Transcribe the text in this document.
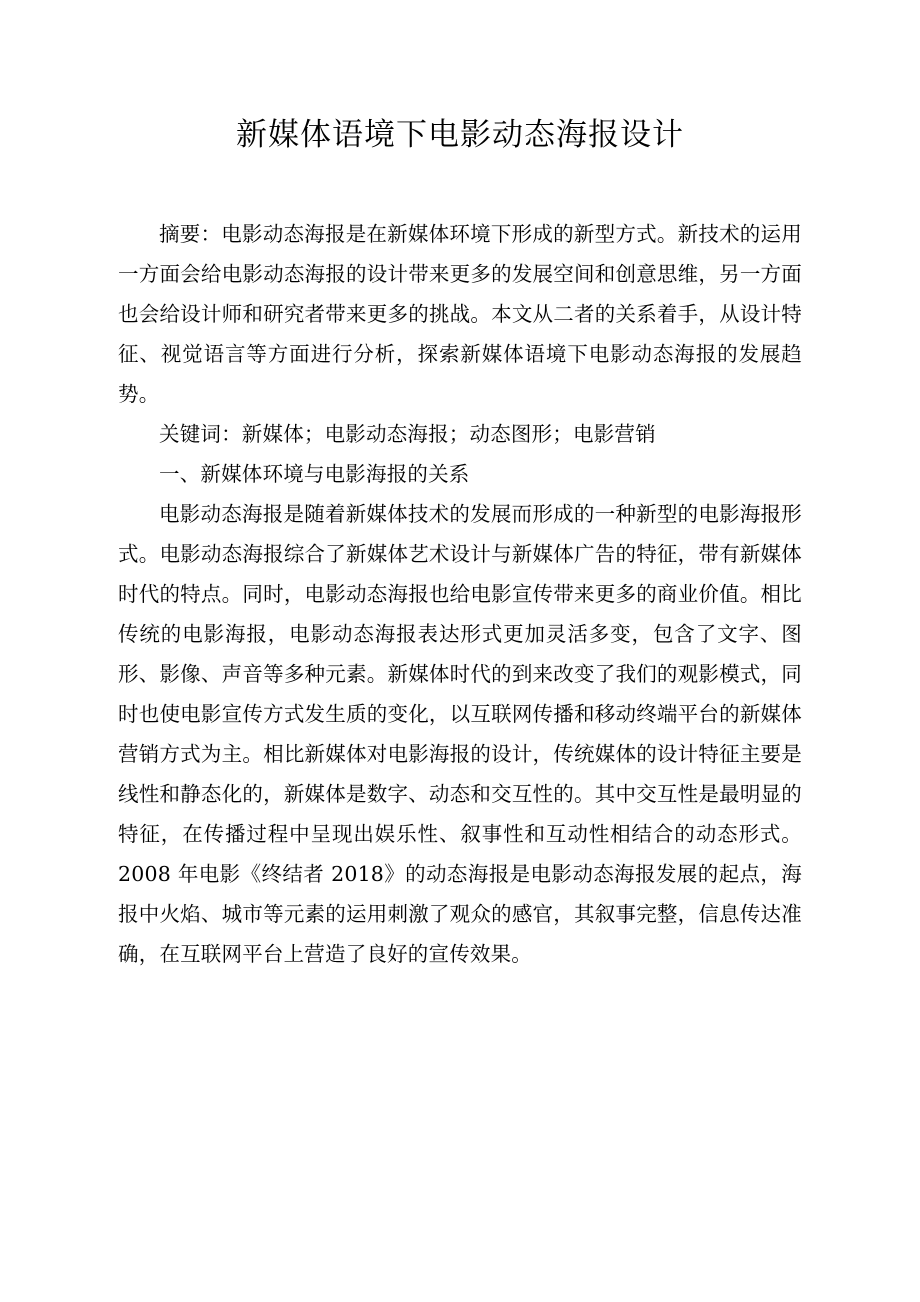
新媒体语境下电影动态海报设计

摘要：电影动态海报是在新媒体环境下形成的新型方式。新技术的运用一方面会给电影动态海报的设计带来更多的发展空间和创意思维，另一方面也会给设计师和研究者带来更多的挑战。本文从二者的关系着手，从设计特征、视觉语言等方面进行分析，探索新媒体语境下电影动态海报的发展趋势。

关键词：新媒体；电影动态海报；动态图形；电影营销

一、新媒体环境与电影海报的关系

电影动态海报是随着新媒体技术的发展而形成的一种新型的电影海报形式。电影动态海报综合了新媒体艺术设计与新媒体广告的特征，带有新媒体时代的特点。同时，电影动态海报也给电影宣传带来更多的商业价值。相比传统的电影海报，电影动态海报表达形式更加灵活多变，包含了文字、图形、影像、声音等多种元素。新媒体时代的到来改变了我们的观影模式，同时也使电影宣传方式发生质的变化，以互联网传播和移动终端平台的新媒体营销方式为主。相比新媒体对电影海报的设计，传统媒体的设计特征主要是线性和静态化的，新媒体是数字、动态和交互性的。其中交互性是最明显的特征，在传播过程中呈现出娱乐性、叙事性和互动性相结合的动态形式。2008 年电影《终结者 2018》的动态海报是电影动态海报发展的起点，海报中火焰、城市等元素的运用刺激了观众的感官，其叙事完整，信息传达准确，在互联网平台上营造了良好的宣传效果。
